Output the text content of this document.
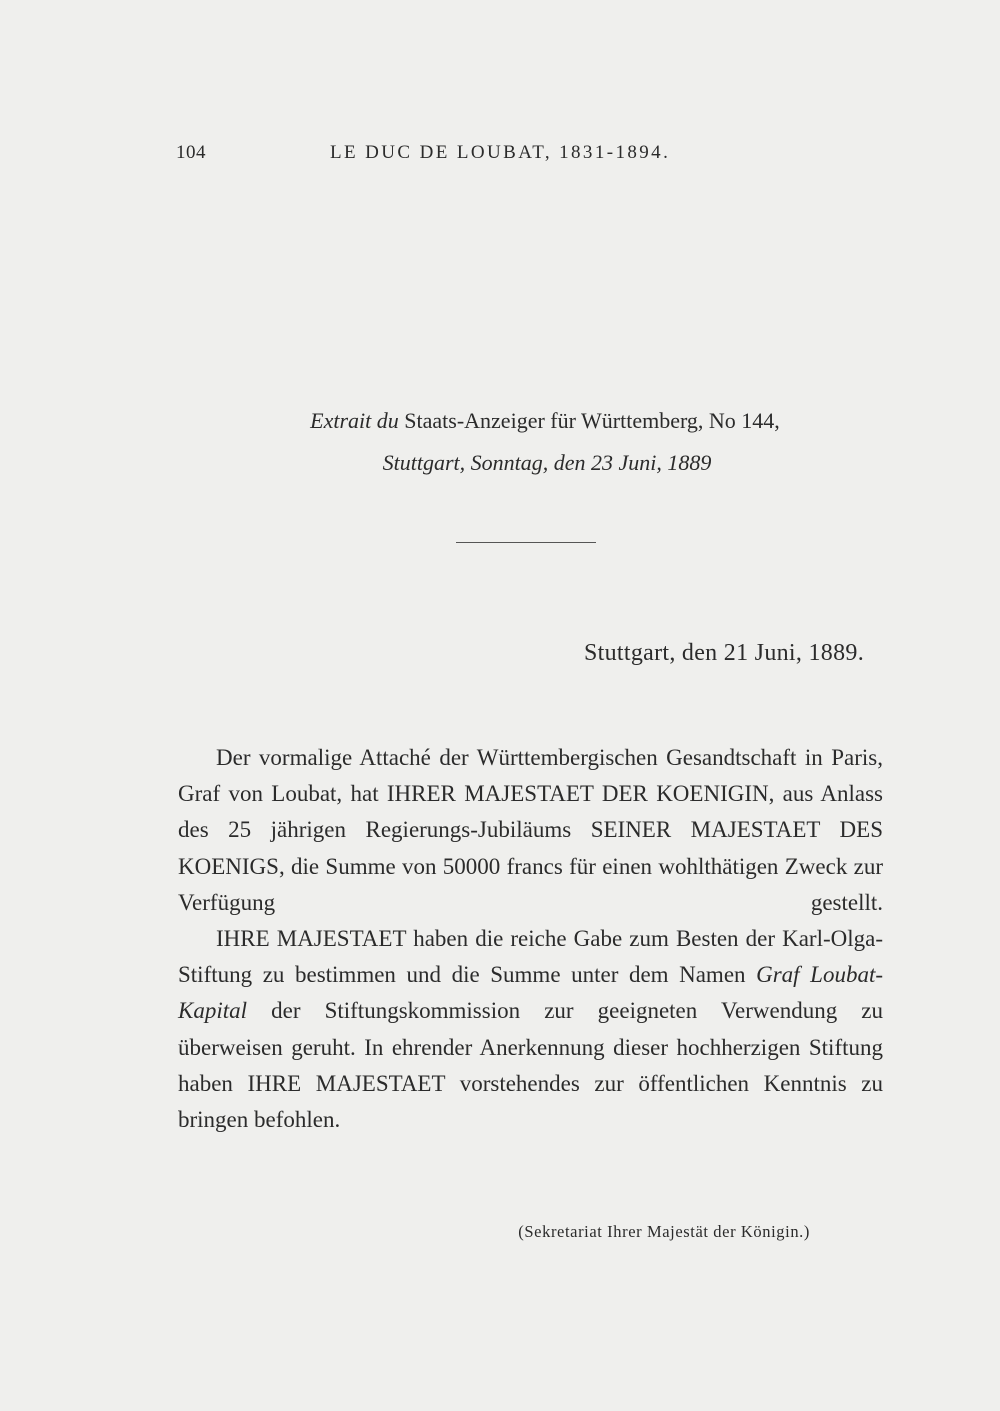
104	LE DUC DE LOUBAT, 1831-1894.
Extrait du Staats-Anzeiger für Württemberg, No 144,
Stuttgart, Sonntag, den 23 Juni, 1889
Stuttgart, den 21 Juni, 1889.

Der vormalige Attaché der Württembergischen Gesandtschaft in Paris, Graf von Loubat, hat IHRER MAJESTAET DER KOENIGIN, aus Anlass des 25 jährigen Regierungs-Jubiläums SEINER MAJESTAET DES KOENIGS, die Summe von 50000 francs für einen wohlthätigen Zweck zur Verfügung gestellt.

IHRE MAJESTAET haben die reiche Gabe zum Besten der Karl-Olga-Stiftung zu bestimmen und die Summe unter dem Namen Graf Loubat-Kapital der Stiftungskommission zur geeigneten Verwendung zu überweisen geruht. In ehrender Anerkennung dieser hochherzigen Stiftung haben IHRE MAJESTAET vorstehendes zur öffentlichen Kenntnis zu bringen befohlen.

(Sekretariat Ihrer Majestät der Königin.)
